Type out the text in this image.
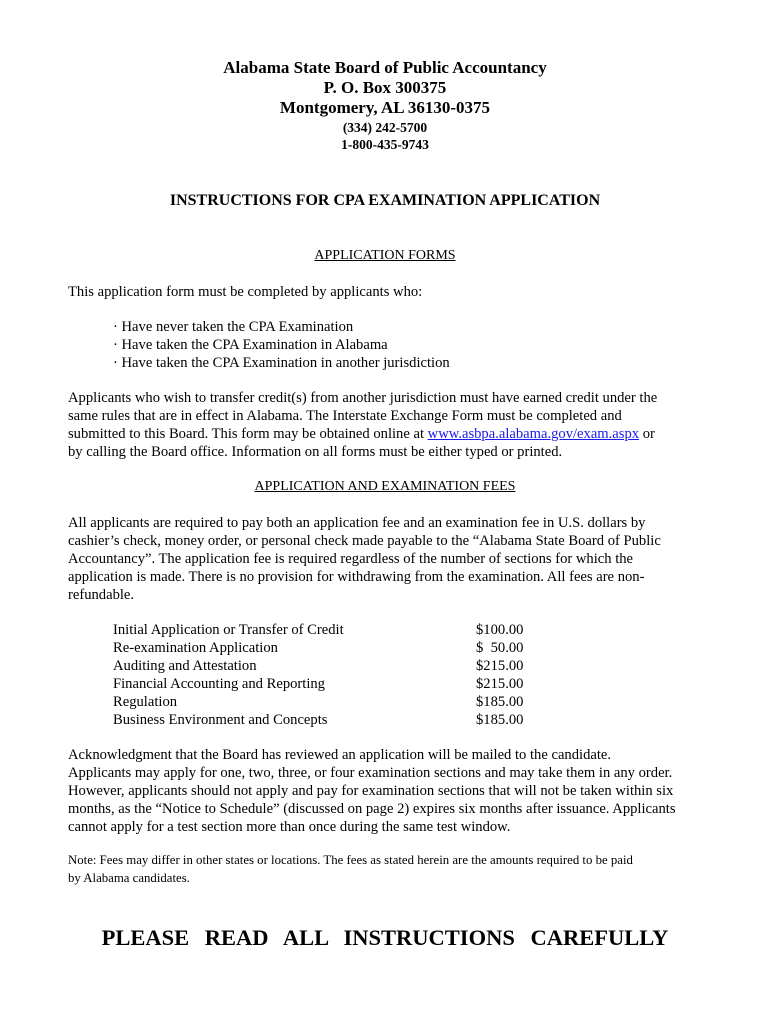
Alabama State Board of Public Accountancy
P. O. Box 300375
Montgomery, AL 36130-0375
(334) 242-5700
1-800-435-9743
INSTRUCTIONS FOR CPA EXAMINATION APPLICATION
APPLICATION FORMS
This application form must be completed by applicants who:
· Have never taken the CPA Examination
· Have taken the CPA Examination in Alabama
· Have taken the CPA Examination in another jurisdiction
Applicants who wish to transfer credit(s) from another jurisdiction must have earned credit under the
same rules that are in effect in Alabama. The Interstate Exchange Form must be completed and
submitted to this Board. This form may be obtained online at www.asbpa.alabama.gov/exam.aspx or
by calling the Board office. Information on all forms must be either typed or printed.
APPLICATION AND EXAMINATION FEES
All applicants are required to pay both an application fee and an examination fee in U.S. dollars by
cashier’s check, money order, or personal check made payable to the “Alabama State Board of Public
Accountancy”. The application fee is required regardless of the number of sections for which the
application is made. There is no provision for withdrawing from the examination. All fees are non-
refundable.
Initial Application or Transfer of Credit	$100.00
Re-examination Application	$  50.00
Auditing and Attestation	$215.00
Financial Accounting and Reporting	$215.00
Regulation	$185.00
Business Environment and Concepts	$185.00
Acknowledgment that the Board has reviewed an application will be mailed to the candidate.
Applicants may apply for one, two, three, or four examination sections and may take them in any order.
However, applicants should not apply and pay for examination sections that will not be taken within six
months, as the “Notice to Schedule” (discussed on page 2) expires six months after issuance. Applicants
cannot apply for a test section more than once during the same test window.
Note: Fees may differ in other states or locations. The fees as stated herein are the amounts required to be paid
by Alabama candidates.
PLEASE READ ALL INSTRUCTIONS CAREFULLY
